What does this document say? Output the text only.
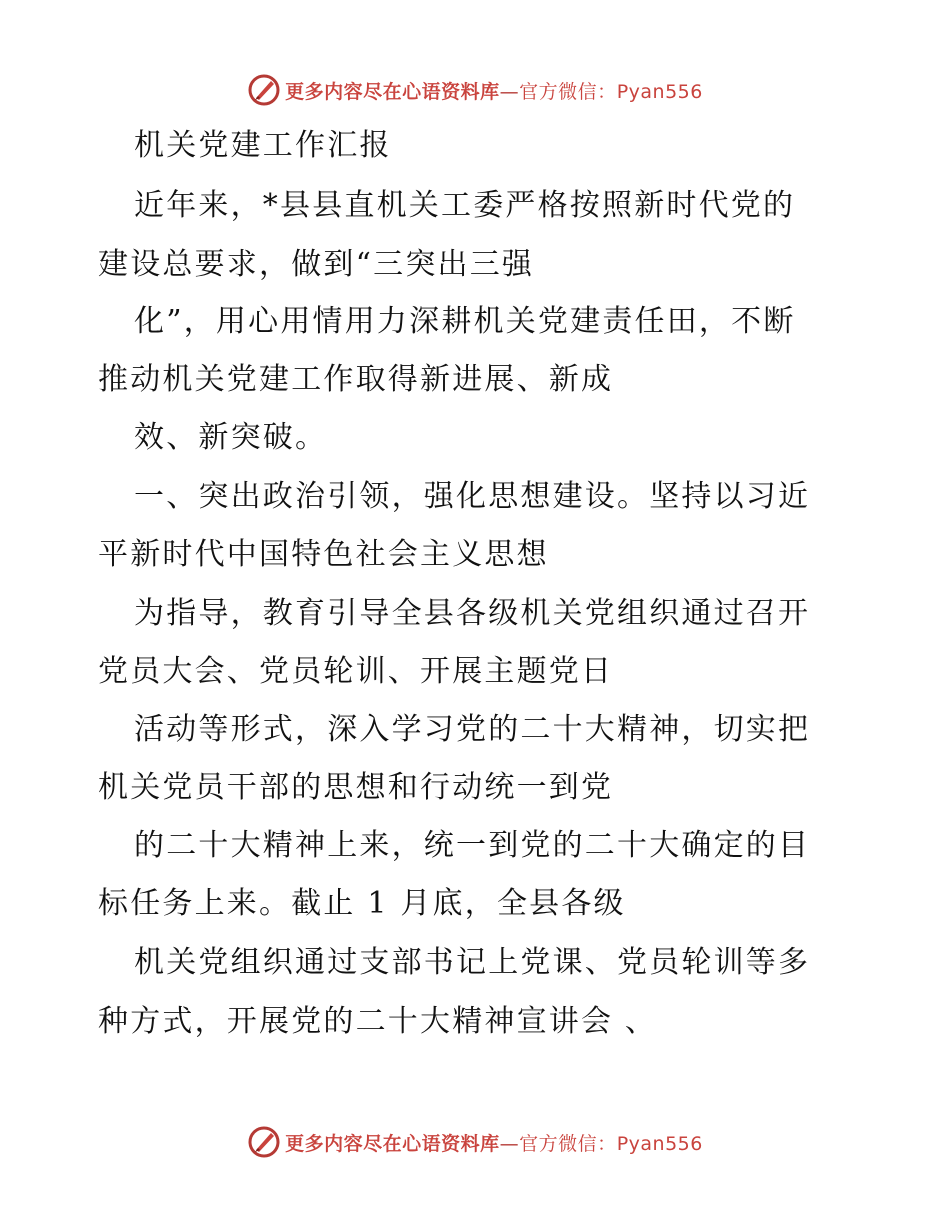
更多内容尽在心语资料库—官方微信：Pyan556
机关党建工作汇报
近年来，*县县直机关工委严格按照新时代党的
建设总要求，做到“三突出三强
化”，用心用情用力深耕机关党建责任田，不断
推动机关党建工作取得新进展、新成
效、新突破。
一、突出政治引领，强化思想建设。坚持以习近
平新时代中国特色社会主义思想
为指导，教育引导全县各级机关党组织通过召开
党员大会、党员轮训、开展主题党日
活动等形式，深入学习党的二十大精神，切实把
机关党员干部的思想和行动统一到党
的二十大精神上来，统一到党的二十大确定的目
标任务上来。截止 1 月底，全县各级
机关党组织通过支部书记上党课、党员轮训等多
种方式，开展党的二十大精神宣讲会 、
更多内容尽在心语资料库—官方微信：Pyan556
